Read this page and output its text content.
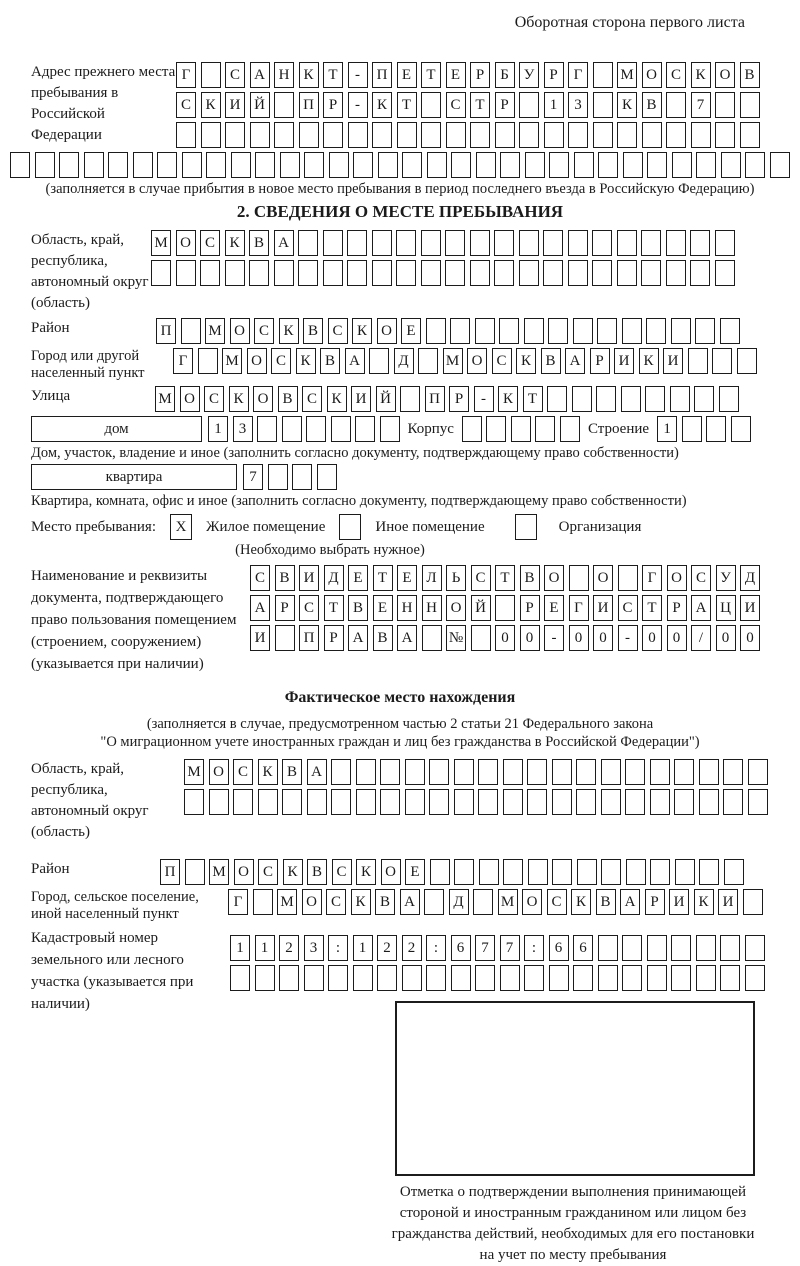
Оборотная сторона первого листа
Адрес прежнего места пребывания в Российской Федерации
Г	С А Н К Т	-	П Е	Т	Е	Р	Б У	Р	Г	М О С К О В
С К И Й	П Р	-	К Т	С Т	Р	1	3	К В	7
(заполняется в случае прибытия в новое место пребывания в период последнего въезда в Российскую Федерацию)
2. СВЕДЕНИЯ О МЕСТЕ ПРЕБЫВАНИЯ
Область, край, республика, автономный округ (область)
М О С К В А
Район	П	М О С К В С К О Е
Город или другой населенный пункт
Г	М О С К В А	Д	М О С К В А Р И К И
Улица	М О С К О В С К И Й	П Р	-	К Т
дом	1	3	Корпус	Строение 1
Дом, участок, владение и иное (заполнить согласно документу, подтверждающему право собственности)
квартира	7
Квартира, комната, офис и иное (заполнить согласно документу, подтверждающему право собственности)
Место пребывания:	X	Жилое помещение	Иное помещение	Организация
(Необходимо выбрать нужное)
Наименование и реквизиты документа, подтверждающего право пользования помещением (строением, сооружением) (указывается при наличии)
С В И Д Е	Т	Е Л	Ь	С Т В О	О	Г О С У Д
А Р	С Т В Е Н Н О Й	Р	Е	Г И С Т	Р А Ц И
И	П Р А В А	№	0	0	-	0	0	-	0	0	/	0	0
Фактическое место нахождения
(заполняется в случае, предусмотренном частью 2 статьи 21 Федерального закона
"О миграционном учете иностранных граждан и лиц без гражданства в Российской Федерации")
Область, край, республика, автономный округ (область)
М О С К В А
Район	П	М О С К В С К О Е
Город, сельское поселение, иной населенный пункт
Г	М О С К В А	Д	М О С К В А Р И К И
Кадастровый номер земельного или лесного участка (указывается при наличии)
1	1	2	3	:	1	2	2	:	6	7	7	:	6	6
Отметка о подтверждении выполнения принимающей стороной и иностранным гражданином или лицом без гражданства действий, необходимых для его постановки на учет по месту пребывания
